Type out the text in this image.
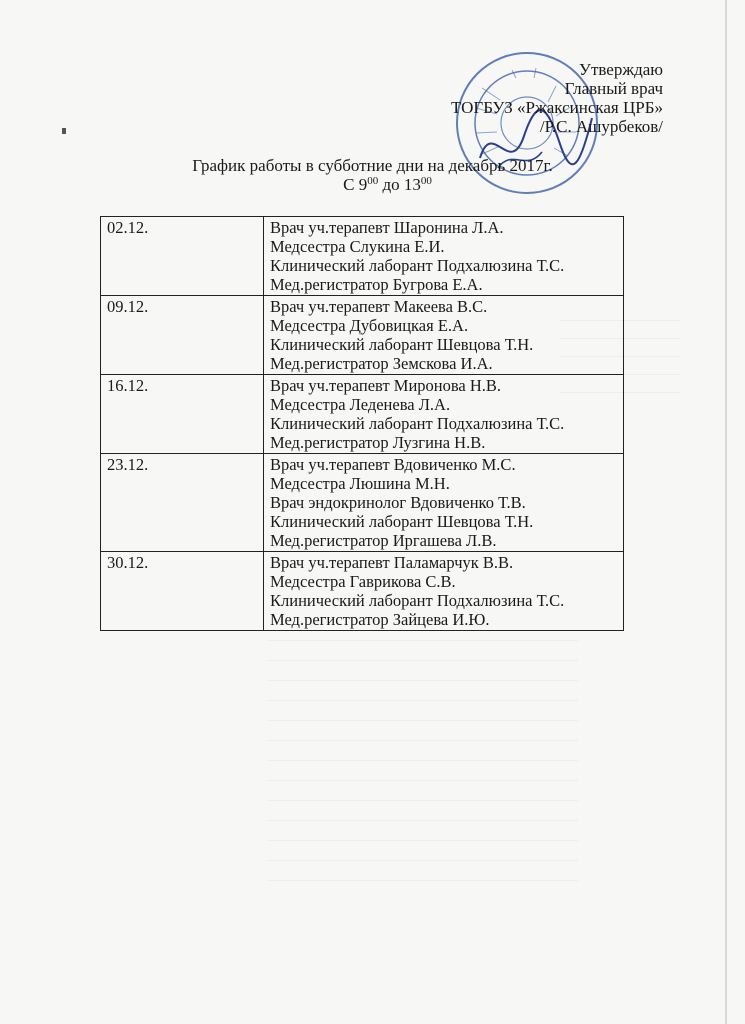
Утверждаю
Главный врач
ТОГБУЗ «Ржаксинская ЦРБ»
/Р.С. Ашурбеков/
График работы в субботние дни на декабрь 2017г.
С $9^{00}$ до $13^{00}$
02.12.	Врач уч.терапевт Шаронина Л.А.
Медсестра Слукина Е.И.
Клинический лаборант Подхалюзина Т.С.
Мед.регистратор Бугрова Е.А.

09.12.	Врач уч.терапевт Макеева В.С.
Медсестра Дубовицкая Е.А.
Клинический лаборант Шевцова Т.Н.
Мед.регистратор Земскова И.А.

16.12.	Врач уч.терапевт Миронова Н.В.
Медсестра Леденева Л.А.
Клинический лаборант Подхалюзина Т.С.
Мед.регистратор Лузгина Н.В.

23.12.	Врач уч.терапевт Вдовиченко М.С.
Медсестра Люшина М.Н.
Врач эндокринолог Вдовиченко Т.В.
Клинический лаборант Шевцова Т.Н.
Мед.регистратор Иргашева Л.В.

30.12.	Врач уч.терапевт Паламарчук В.В.
Медсестра Гаврикова С.В.
Клинический лаборант Подхалюзина Т.С.
Мед.регистратор Зайцева И.Ю.
